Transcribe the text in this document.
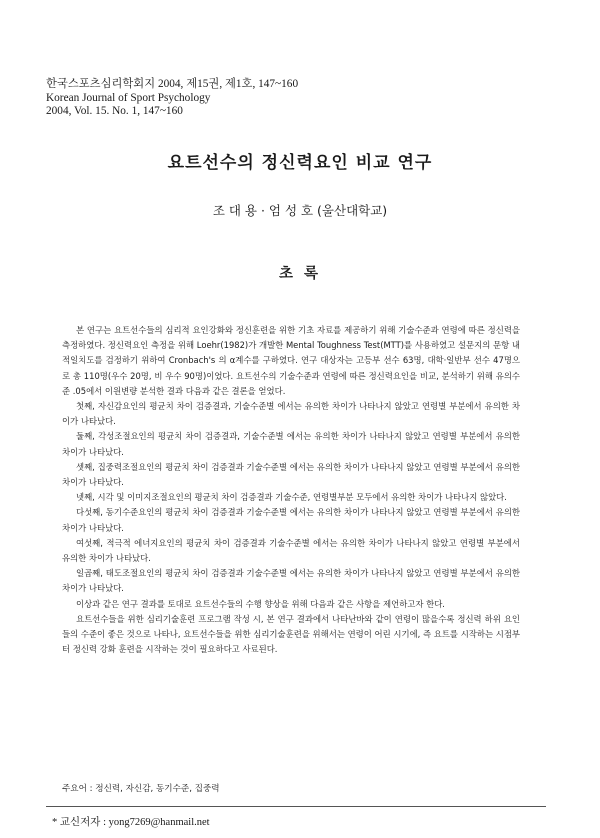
한국스포츠심리학회지 2004, 제15권, 제1호, 147~160
Korean Journal of Sport Psychology
2004, Vol. 15. No. 1, 147~160
요트선수의 정신력요인 비교 연구
조 대 용 · 엄 성 호 (울산대학교)
초 록

본 연구는 요트선수들의 심리적 요인강화와 정신훈련을 위한 기초 자료를 제공하기 위해 기술수준과 연령에 따른 정신력을 측정하였다. 정신력요인 측정을 위해 Loehr(1982)가 개발한 Mental Toughness Test(MTT)를 사용하였고 설문지의 문항 내적일치도를 검정하기 위하여 Cronbach's 의 α계수를 구하였다. 연구 대상자는 고등부 선수 63명, 대학·일반부 선수 47명으로 총 110명(우수 20명, 비 우수 90명)이었다. 요트선수의 기술수준과 연령에 따른 정신력요인을 비교, 분석하기 위해 유의수준 .05에서 이원변량 분석한 결과 다음과 같은 결론을 얻었다.

첫째, 자신감요인의 평균치 차이 검증결과, 기술수준별 에서는 유의한 차이가 나타나지 않았고 연령별 부분에서 유의한 차이가 나타났다.

둘째, 각성조절요인의 평균치 차이 검증결과, 기술수준별 에서는 유의한 차이가 나타나지 않았고 연령별 부분에서 유의한 차이가 나타났다.

셋째, 집중력조절요인의 평균치 차이 검증결과 기술수준별 에서는 유의한 차이가 나타나지 않았고 연령별 부분에서 유의한 차이가 나타났다.

넷째, 시각 및 이미지조절요인의 평균치 차이 검증결과 기술수준, 연령별부분 모두에서 유의한 차이가 나타나지 않았다.

다섯째, 동기수준요인의 평균치 차이 검증결과 기술수준별 에서는 유의한 차이가 나타나지 않았고 연령별 부분에서 유의한 차이가 나타났다.

여섯째, 적극적 에너지요인의 평균치 차이 검증결과 기술수준별 에서는 유의한 차이가 나타나지 않았고 연령별 부분에서 유의한 차이가 나타났다.

일곱째, 태도조절요인의 평균치 차이 검증결과 기술수준별 에서는 유의한 차이가 나타나지 않았고 연령별 부분에서 유의한 차이가 나타났다.

이상과 같은 연구 결과를 토대로 요트선수들의 수행 향상을 위해 다음과 같은 사항을 제언하고자 한다.

요트선수들을 위한 심리기술훈련 프로그램 작성 시, 본 연구 결과에서 나타난바와 같이 연령이 많을수록 정신력 하위 요인들의 수준이 좋은 것으로 나타나, 요트선수들을 위한 심리기술훈련을 위해서는 연령이 어린 시기에, 즉 요트를 시작하는 시점부터 정신력 강화 훈련을 시작하는 것이 필요하다고 사료된다.

주요어 : 정신력, 자신감, 동기수준, 집중력
* 교신저자 : yong7269@hanmail.net
